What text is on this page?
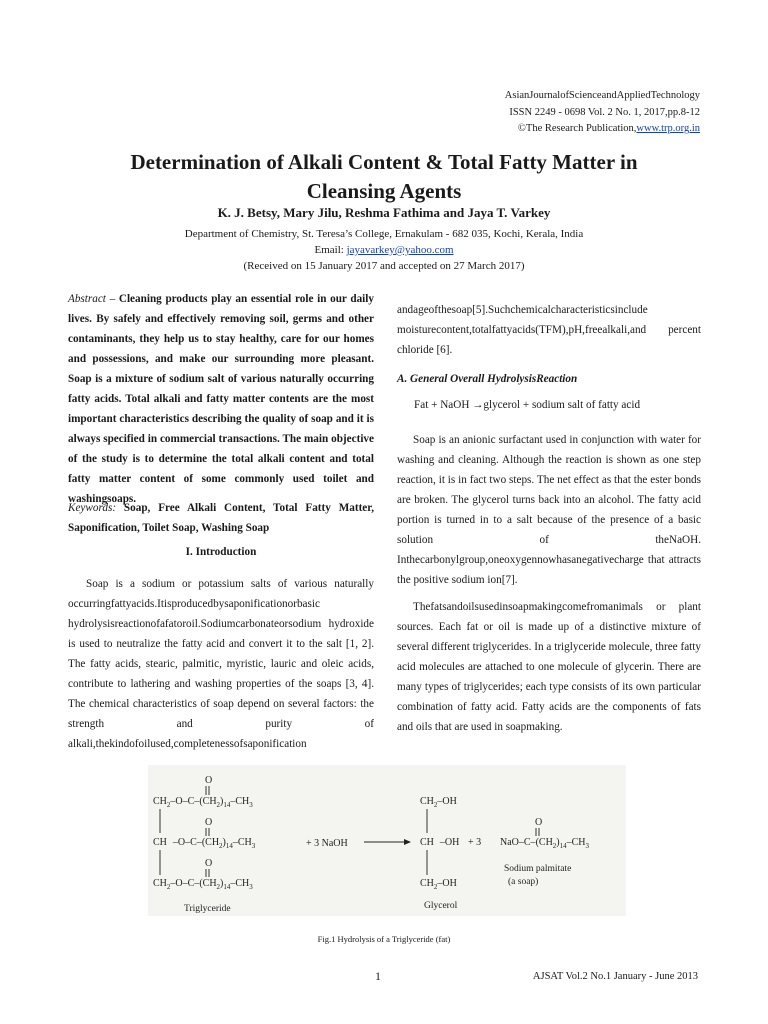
AsianJournalofScienceandAppliedTechnology
ISSN 2249 - 0698 Vol. 2 No. 1, 2017,pp.8-12
©The Research Publication,www.trp.org.in
Determination of Alkali Content & Total Fatty Matter in
Cleansing Agents
K. J. Betsy, Mary Jilu, Reshma Fathima and Jaya T. Varkey
Department of Chemistry, St. Teresa’s College, Ernakulam - 682 035, Kochi, Kerala, India
Email: jayavarkey@yahoo.com
(Received on 15 January 2017 and accepted on 27 March 2017)
Abstract – Cleaning products play an essential role in our daily lives. By safely and effectively removing soil, germs and other contaminants, they help us to stay healthy, care for our homes and possessions, and make our surrounding more pleasant. Soap is a mixture of sodium salt of various naturally occurring fatty acids. Total alkali and fatty matter contents are the most important characteristics describing the quality of soap and it is always specified in commercial transactions. The main objective of the study is to determine the total alkali content and total fatty matter content of some commonly used toilet and washingsoaps.
Keywords: Soap, Free Alkali Content, Total Fatty Matter, Saponification, Toilet Soap, Washing Soap
I. Introduction
Soap is a sodium or potassium salts of various naturally occurringfattyacids.Itisproducedbysaponificationorbasic hydrolysisreactionofafatoroil.Sodiumcarbonateorsodium hydroxide is used to neutralize the fatty acid and convert it to the salt [1, 2]. The fatty acids, stearic, palmitic, myristic, lauric and oleic acids, contribute to lathering and washing properties of the soaps [3, 4]. The chemical characteristics of soap depend on several factors: the strength and purity of alkali,thekindofoilused,completenessofsaponification
andageofthesoap[5].Suchchemicalcharacteristicsinclude moisturecontent,totalfattyacids(TFM),pH,freealkali,and percent chloride [6].
A. General Overall HydrolysisReaction
Fat + NaOH →glycerol + sodium salt of fatty acid
Soap is an anionic surfactant used in conjunction with water for washing and cleaning. Although the reaction is shown as one step reaction, it is in fact two steps. The net effect as that the ester bonds are broken. The glycerol turns back into an alcohol. The fatty acid portion is turned in to a salt because of the presence of a basic solution of theNaOH. Inthecarbonylgroup,oneoxygennowhasanegativecharge that attracts the positive sodium ion[7].
Thefatsandoilsusedinsoapmakingcomefromanimals or plant sources. Each fat or oil is made up of a distinctive mixture of several different triglycerides. In a triglyceride molecule, three fatty acid molecules are attached to one molecule of glycerin. There are many types of triglycerides; each type consists of its own particular combination of fatty acid. Fatty acids are the components of fats and oils that are used in soapmaking.
O
$CH_2-O-C-(CH_2)_{14}-CH_3$
O
CH $-O-C-(CH_2)_{14}-CH_3$
O
$CH_2-O-C-(CH_2)_{14}-CH_3$
Triglyceride
+ 3 NaOH
$CH_2-OH$
CH –OH
$CH_2-OH$
Glycerol
+ 3
O
NaO–$C-(CH_2)_{14}-CH_3$
Sodium palmitate
(a soap)
Fig.1 Hydrolysis of a Triglyceride (fat)
1	AJSAT Vol.2 No.1 January - June 2013
